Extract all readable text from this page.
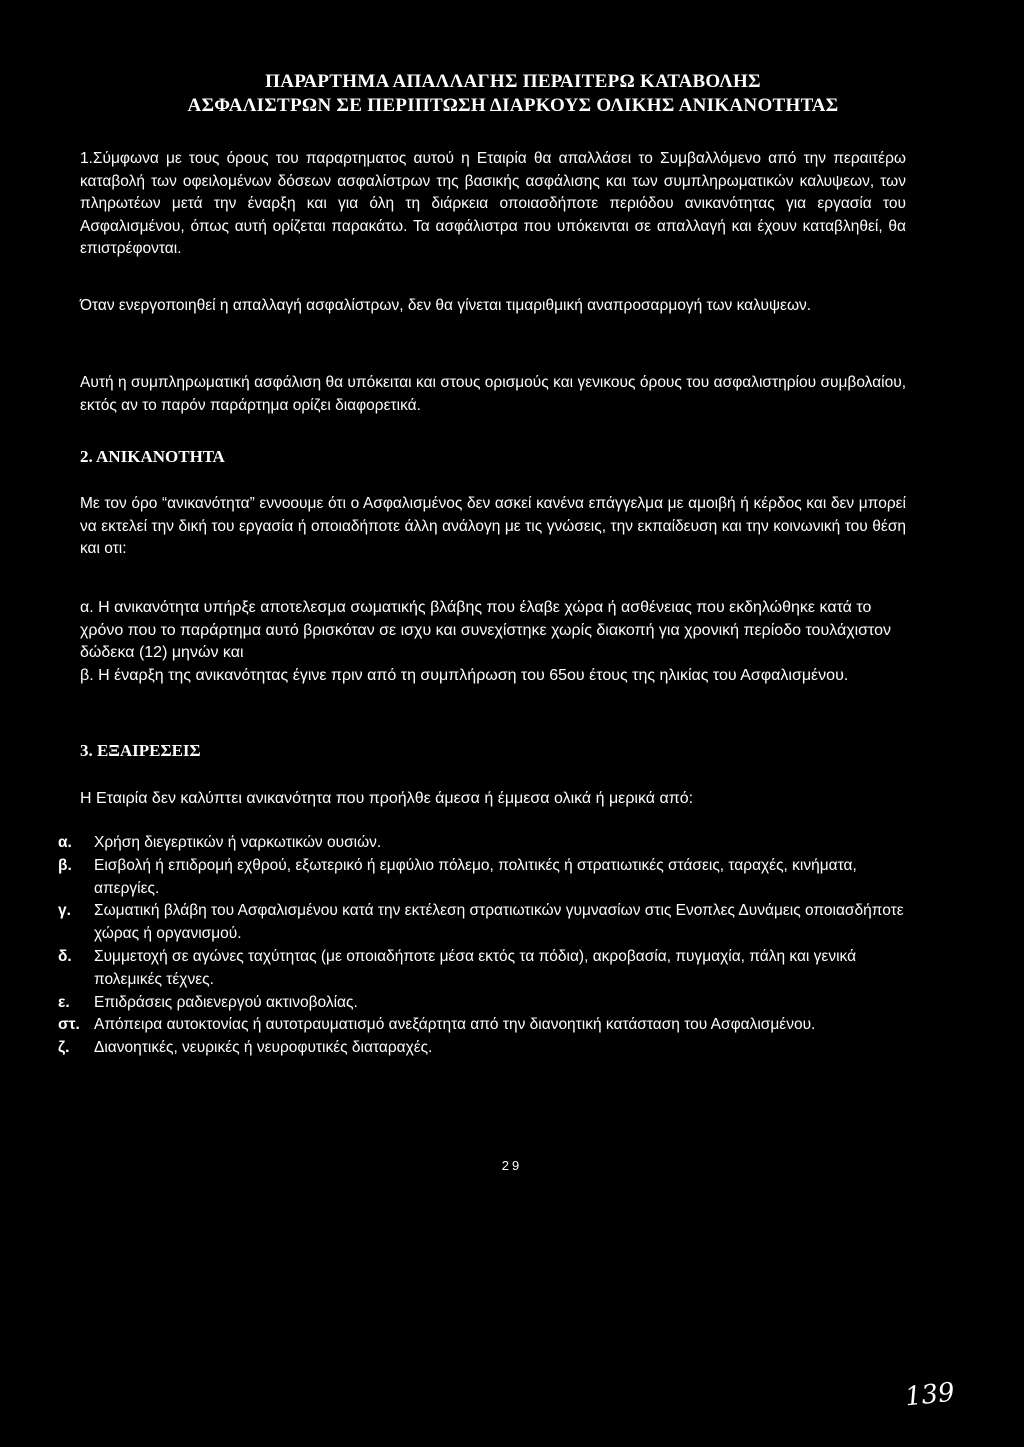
ΠΑΡΑΡΤΗΜΑ ΑΠΑΛΛΑΓΗΣ ΠΕΡΑΙΤΕΡΩ ΚΑΤΑΒΟΛΗΣ
ΑΣΦΑΛΙΣΤΡΩΝ ΣΕ ΠΕΡΙΠΤΩΣΗ ΔΙΑΡΚΟΥΣ ΟΛΙΚΗΣ ΑΝΙΚΑΝΟΤΗΤΑΣ

1.Σύμφωνα με τους όρους του παραρτηματος αυτού η Εταιρία θα απαλλάσει το Συμβαλλόμενο από την περαιτέρω καταβολή των οφειλομένων δόσεων ασφαλίστρων της βασικής ασφάλισης και των συμπληρωματικών καλυψεων, των πληρωτέων μετά την έναρξη και για όλη τη διάρκεια οποιασδήποτε περιόδου ανικανότητας για εργασία του Ασφαλισμένου, όπως αυτή ορίζεται παρακάτω. Τα ασφάλιστρα που υπόκεινται σε απαλλαγή και έχουν καταβληθεί, θα επιστρέφονται.

Όταν ενεργοποιηθεί η απαλλαγή ασφαλίστρων, δεν θα γίνεται τιμαριθμική αναπροσαρμογή των καλυψεων.

Αυτή η συμπληρωματική ασφάλιση θα υπόκειται και στους ορισμούς και γενικους όρους του ασφαλιστηρίου συμβολαίου, εκτός αν το παρόν παράρτημα ορίζει διαφορετικά.

2. ΑΝΙΚΑΝΟΤΗΤΑ

Με τον όρο “ανικανότητα” εννοουμε ότι ο Ασφαλισμένος δεν ασκεί κανένα επάγγελμα με αμοιβή ή κέρδος και δεν μπορεί να εκτελεί την δική του εργασία ή οποιαδήποτε άλλη ανάλογη με τις γνώσεις, την εκπαίδευση και την κοινωνική του θέση και οτι:

α. Η ανικανότητα υπήρξε αποτελεσμα σωματικής βλάβης που έλαβε χώρα ή ασθένειας που εκδηλώθηκε κατά το χρόνο που το παράρτημα αυτό βρισκόταν σε ισχυ και συνεχίστηκε χωρίς διακοπή για χρονική περίοδο τουλάχιστον δώδεκα (12) μηνών και
β. Η έναρξη της ανικανότητας έγινε πριν από τη συμπλήρωση του 65ου έτους της ηλικίας του Ασφαλισμένου.
3. ΕΞΑΙΡΕΣΕΙΣ

Η Εταιρία δεν καλύπτει ανικανότητα που προήλθε άμεσα ή έμμεσα ολικά ή μερικά από:

α.	Χρήση διεγερτικών ή ναρκωτικών ουσιών.
β.	Εισβολή ή επιδρομή εχθρού, εξωτερικό ή εμφύλιο πόλεμο, πολιτικές ή στρατιωτικές στάσεις, ταραχές, κινήματα, απεργίες.
γ.	Σωματική βλάβη του Ασφαλισμένου κατά την εκτέλεση στρατιωτικών γυμνασίων στις Ενοπλες Δυνάμεις οποιασδήποτε χώρας ή οργανισμού.
δ.	Συμμετοχή σε αγώνες ταχύτητας (με οποιαδήποτε μέσα εκτός τα πόδια), ακροβασία, πυγμαχία, πάλη και γενικά πολεμικές τέχνες.
ε.	Επιδράσεις ραδιενεργού ακτινοβολίας.
στ. Απόπειρα αυτοκτονίας ή αυτοτραυματισμό ανεξάρτητα από την διανοητική κατάσταση του Ασφαλισμένου.
ζ.	Διανοητικές, νευρικές ή νευροφυτικές διαταραχές.
29
139
